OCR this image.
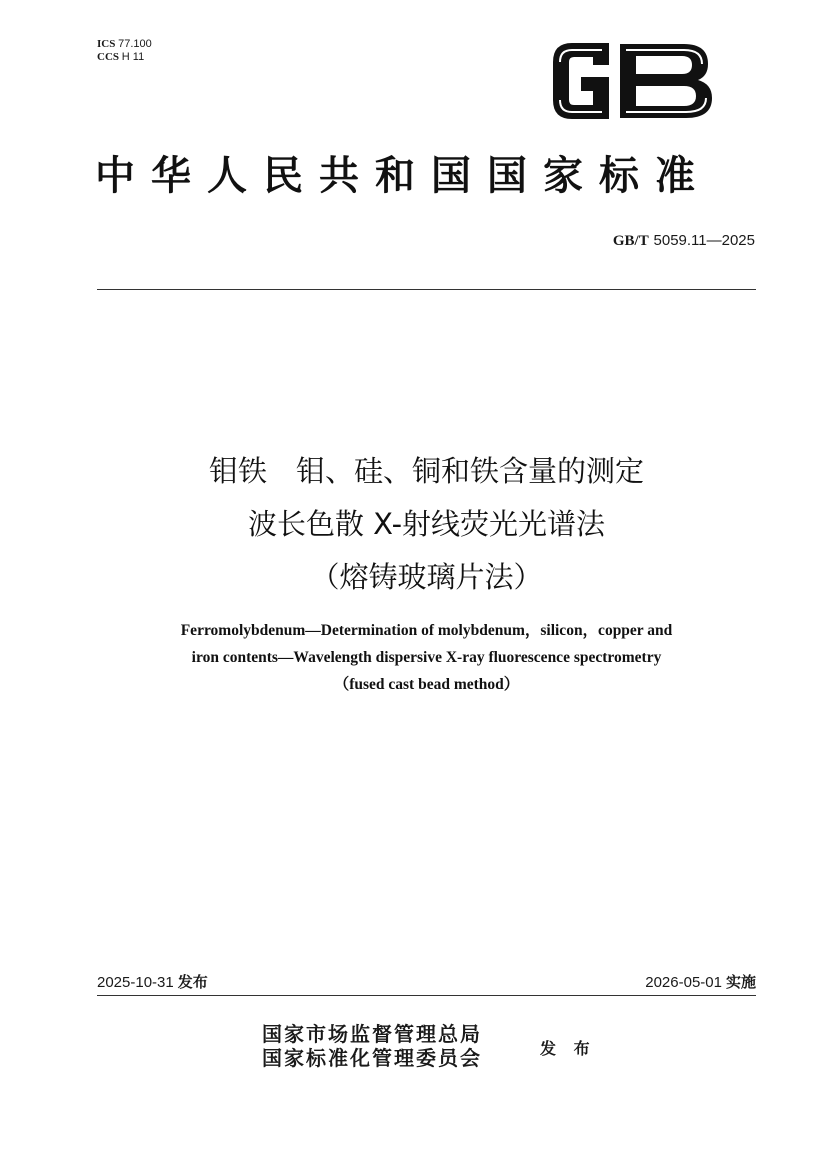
ICS 77.100
CCS H 11
中华人民共和国国家标准
GB/T 5059.11—2025
钼铁　钼、硅、铜和铁含量的测定
波长色散 X-射线荧光光谱法
（熔铸玻璃片法）
Ferromolybdenum—Determination of molybdenum，silicon，copper and
iron contents—Wavelength dispersive X-ray fluorescence spectrometry
（fused cast bead method）
2025-10-31 发布	2026-05-01 实施
国家市场监督管理总局
国家标准化管理委员会	发 布
